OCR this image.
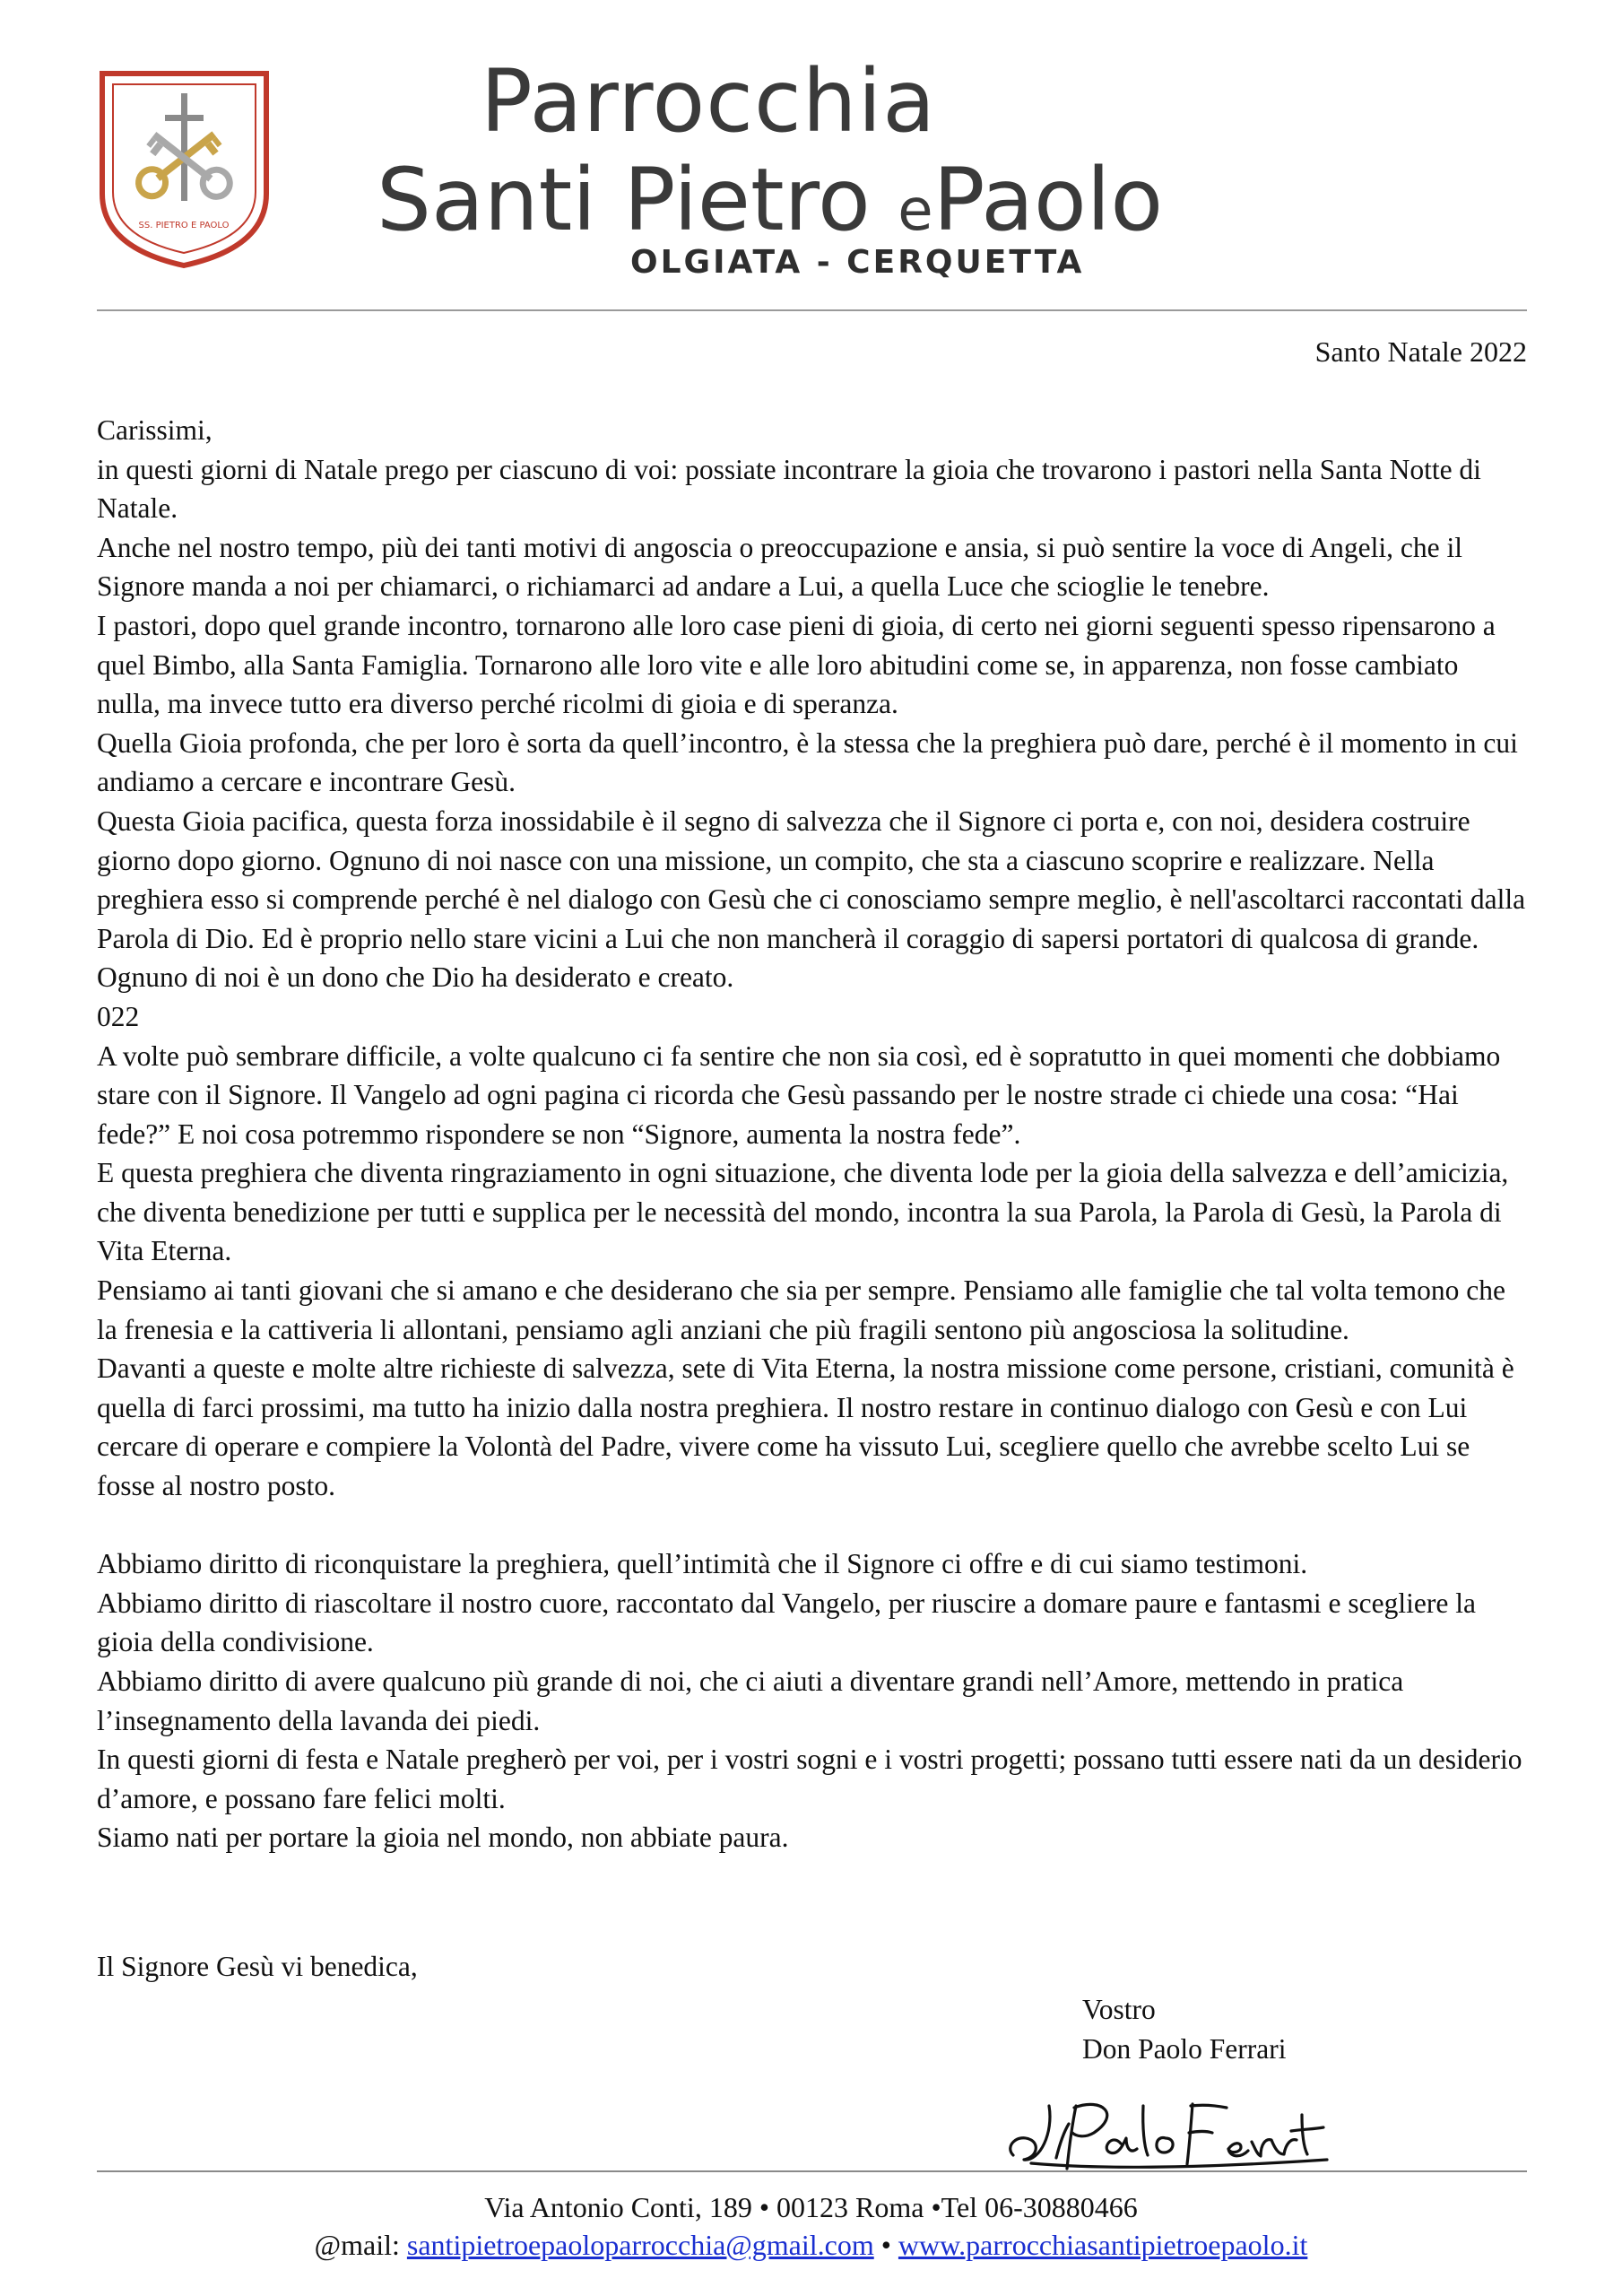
SS. PIETRO E PAOLO
Parrocchia
Santi Pietro ePaolo
OLGIATA - CERQUETTA
Santo Natale 2022

Carissimi,

in questi giorni di Natale prego per ciascuno di voi: possiate incontrare la gioia che trovarono i pastori nella Santa Notte di Natale.

Anche nel nostro tempo, più dei tanti motivi di angoscia o preoccupazione e ansia, si può sentire la voce di Angeli, che il Signore manda a noi per chiamarci, o richiamarci ad andare a Lui, a quella Luce che scioglie le tenebre.

I pastori, dopo quel grande incontro, tornarono alle loro case pieni di gioia, di certo nei giorni seguenti spesso ripensarono a quel Bimbo, alla Santa Famiglia. Tornarono alle loro vite e alle loro abitudini come se, in apparenza, non fosse cambiato nulla, ma invece tutto era diverso perché ricolmi di gioia e di speranza.

Quella Gioia profonda, che per loro è sorta da quell’incontro, è la stessa che la preghiera può dare, perché è il momento in cui andiamo a cercare e incontrare Gesù.

Questa Gioia pacifica, questa forza inossidabile è il segno di salvezza che il Signore ci porta e, con noi, desidera costruire giorno dopo giorno. Ognuno di noi nasce con una missione, un compito, che sta a ciascuno scoprire e realizzare. Nella preghiera esso si comprende perché è nel dialogo con Gesù che ci conosciamo sempre meglio, è nell'ascoltarci raccontati dalla Parola di Dio. Ed è proprio nello stare vicini a Lui che non mancherà il coraggio di sapersi portatori di qualcosa di grande.

Ognuno di noi è un dono che Dio ha desiderato e creato.

022

A volte può sembrare difficile, a volte qualcuno ci fa sentire che non sia così, ed è sopratutto in quei momenti che dobbiamo stare con il Signore. Il Vangelo ad ogni pagina ci ricorda che Gesù passando per le nostre strade ci chiede una cosa: “Hai fede?” E noi cosa potremmo rispondere se non “Signore, aumenta la nostra fede”.

E questa preghiera che diventa ringraziamento in ogni situazione, che diventa lode per la gioia della salvezza e dell’amicizia, che diventa benedizione per tutti e supplica per le necessità del mondo, incontra la sua Parola, la Parola di Gesù, la Parola di Vita Eterna.

Pensiamo ai tanti giovani che si amano e che desiderano che sia per sempre. Pensiamo alle famiglie che tal volta temono che la frenesia e la cattiveria li allontani, pensiamo agli anziani che più fragili sentono più angosciosa la solitudine.

Davanti a queste e molte altre richieste di salvezza, sete di Vita Eterna, la nostra missione come persone, cristiani, comunità è quella di farci prossimi, ma tutto ha inizio dalla nostra preghiera. Il nostro restare in continuo dialogo con Gesù e con Lui cercare di operare e compiere la Volontà del Padre, vivere come ha vissuto Lui, scegliere quello che avrebbe scelto Lui se fosse al nostro posto.

Abbiamo diritto di riconquistare la preghiera, quell’intimità che il Signore ci offre e di cui siamo testimoni.

Abbiamo diritto di riascoltare il nostro cuore, raccontato dal Vangelo, per riuscire a domare paure e fantasmi e scegliere la gioia della condivisione.

Abbiamo diritto di avere qualcuno più grande di noi, che ci aiuti a diventare grandi nell’Amore, mettendo in pratica l’insegnamento della lavanda dei piedi.

In questi giorni di festa e Natale pregherò per voi, per i vostri sogni e i vostri progetti; possano tutti essere nati da un desiderio d’amore, e possano fare felici molti.

Siamo nati per portare la gioia nel mondo, non abbiate paura.

Il Signore Gesù vi benedica,
Vostro
Don Paolo Ferrari
Via Antonio Conti, 189 • 00123 Roma •Tel 06-30880466
@mail: santipietroepaoloparrocchia@gmail.com • www.parrocchiasantipietroepaolo.it
